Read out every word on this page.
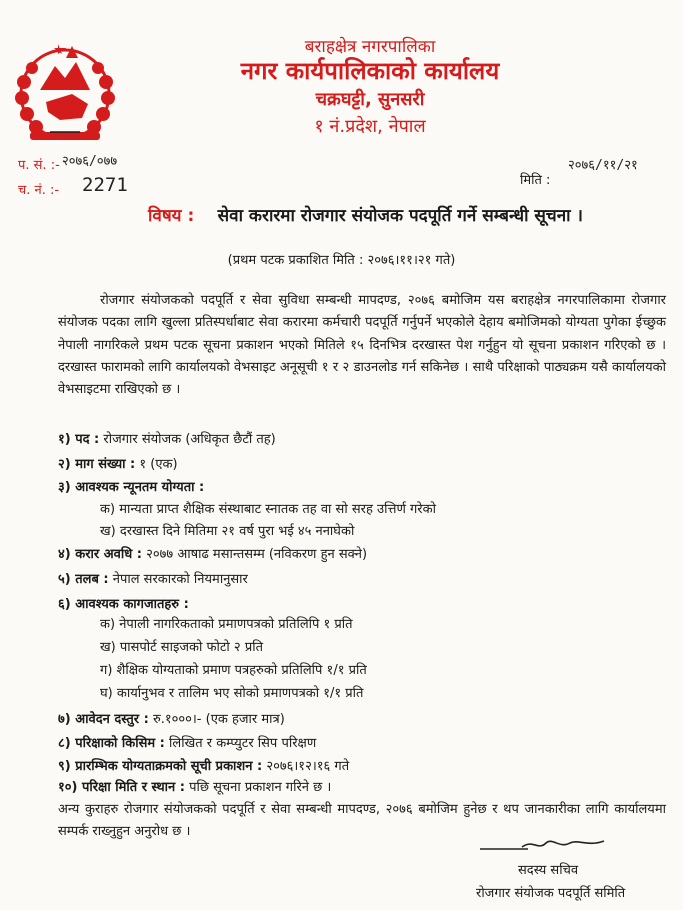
बराहक्षेत्र नगरपालिका
नगर कार्यपालिकाको कार्यालय
चक्रघट्टी, सुनसरी
१ नं.प्रदेश, नेपाल
प. सं. :- २०७६/०७७
च. नं. :- 2271
२०७६/११/२१
मिति :
विषय : सेवा करारमा रोजगार संयोजक पदपूर्ति गर्ने सम्बन्धी सूचना ।
(प्रथम पटक प्रकाशित मिति : २०७६।११।२१ गते)
रोजगार संयोजकको पदपूर्ति र सेवा सुविधा सम्बन्धी मापदण्ड, २०७६ बमोजिम यस बराहक्षेत्र नगरपालिकामा रोजगार संयोजक पदका लागि खुल्ला प्रतिस्पर्धाबाट सेवा करारमा कर्मचारी पदपूर्ति गर्नुपर्ने भएकोले देहाय बमोजिमको योग्यता पुगेका ईच्छुक नेपाली नागरिकले प्रथम पटक सूचना प्रकाशन भएको मितिले १५ दिनभित्र दरखास्त पेश गर्नुहुन यो सूचना प्रकाशन गरिएको छ । दरखास्त फारामको लागि कार्यालयको वेभसाइट अनूसूची १ र २ डाउनलोड गर्न सकिनेछ । साथै परिक्षाको पाठ्यक्रम यसै कार्यालयको वेभसाइटमा राखिएको छ ।
१) पद : रोजगार संयोजक (अधिकृत छैटौं तह)
२) माग संख्या : १ (एक)
३) आवश्यक न्यूनतम योग्यता :
क) मान्यता प्राप्त शैक्षिक संस्थाबाट स्नातक तह वा सो सरह उत्तिर्ण गरेको
ख) दरखास्त दिने मितिमा २१ वर्ष पुरा भई ४५ ननाघेको
४) करार अवधि : २०७७ आषाढ मसान्तसम्म (नविकरण हुन सक्ने)
५) तलब : नेपाल सरकारको नियमानुसार
६) आवश्यक कागजातहरु :
क) नेपाली नागरिकताको प्रमाणपत्रको प्रतिलिपि १ प्रति
ख) पासपोर्ट साइजको फोटो २ प्रति
ग) शैक्षिक योग्यताको प्रमाण पत्रहरुको प्रतिलिपि १/१ प्रति
घ) कार्यानुभव र तालिम भए सोको प्रमाणपत्रको १/१ प्रति
७) आवेदन दस्तुर : रु.१०००।- (एक हजार मात्र)
८) परिक्षाको किसिम : लिखित र कम्प्युटर सिप परिक्षण
९) प्रारम्भिक योग्यताक्रमको सूची प्रकाशन : २०७६।१२।१६ गते
१०) परिक्षा मिति र स्थान : पछि सूचना प्रकाशन गरिने छ ।
अन्य कुराहरु रोजगार संयोजकको पदपूर्ति र सेवा सम्बन्धी मापदण्ड, २०७६ बमोजिम हुनेछ र थप जानकारीका लागि कार्यालयमा सम्पर्क राख्नुहुन अनुरोध छ ।
सदस्य सचिव
रोजगार संयोजक पदपूर्ति समिति
